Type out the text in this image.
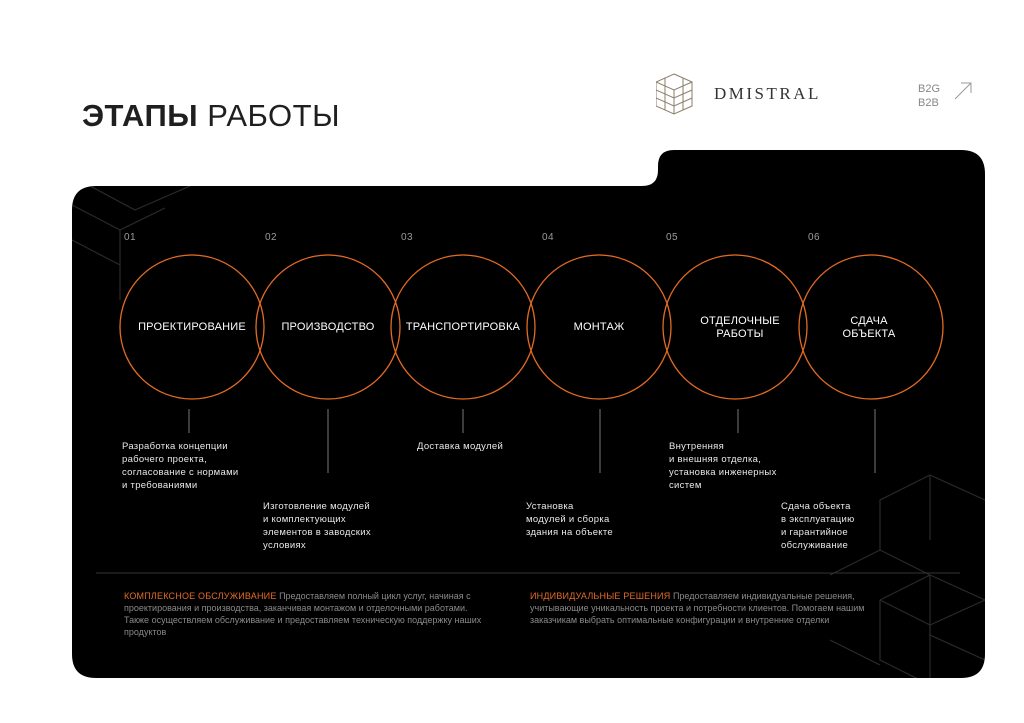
ЭТАПЫ РАБОТЫ
DMISTRAL	B2G
B2B
01	02	03	04	05	06
ПРОЕКТИРОВАНИЕ	ПРОИЗВОДСТВО	ТРАНСПОРТИРОВКА	МОНТАЖ	ОТДЕЛОЧНЫЕ
РАБОТЫ
СДАЧА
ОБЪЕКТА
Разработка концепции
рабочего проекта,
согласование с нормами
и требованиями
Изготовление модулей
и комплектующих
элементов в заводских
условиях
Доставка модулей
Установка
модулей и сборка
здания на объекте
Внутренняя
и внешняя отделка,
установка инженерных
систем
Сдача объекта
в эксплуатацию
и гарантийное
обслуживание
КОМПЛЕКСНОЕ ОБСЛУЖИВАНИЕ Предоставляем полный цикл услуг, начиная с проектирования и производства, заканчивая монтажом и отделочными работами. Также осуществляем обслуживание и предоставляем техническую поддержку наших продуктов
ИНДИВИДУАЛЬНЫЕ РЕШЕНИЯ Предоставляем индивидуальные решения, учитывающие уникальность проекта и потребности клиентов. Помогаем нашим заказчикам выбрать оптимальные конфигурации и внутренние отделки
